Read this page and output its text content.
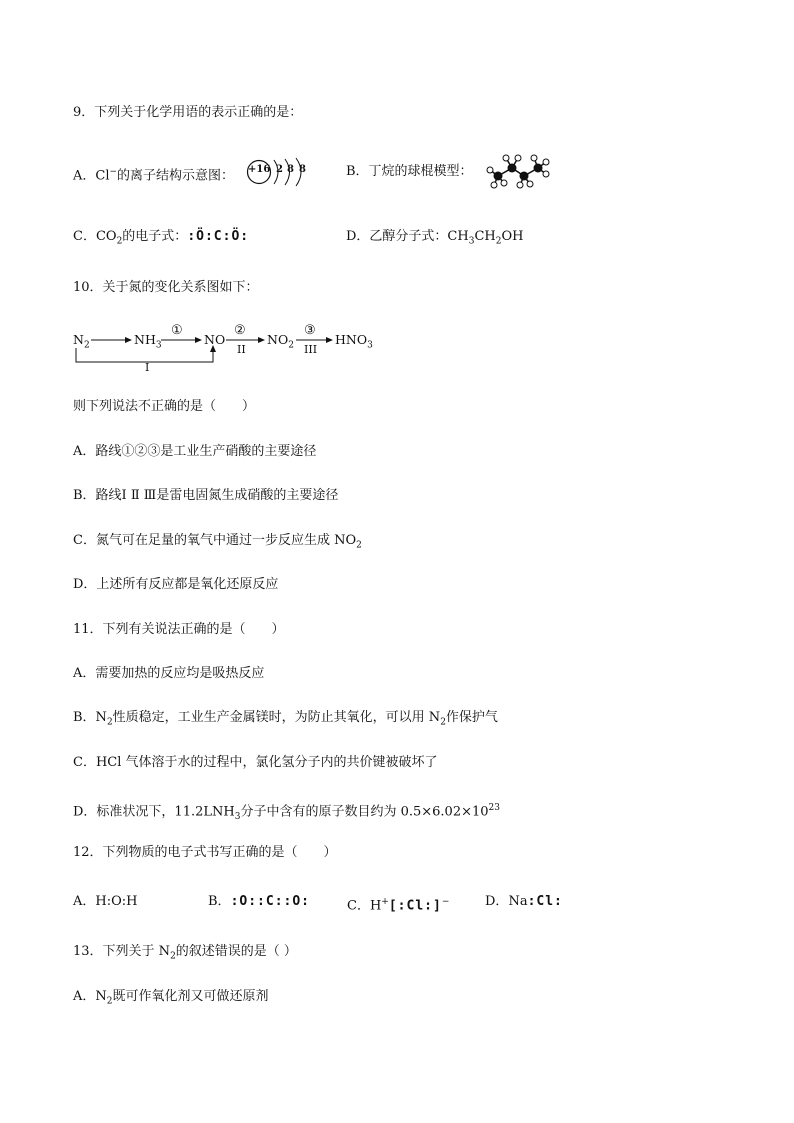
9．下列关于化学用语的表示正确的是：
A．Cl−的离子结构示意图： +16 2 8 8	B．丁烷的球棍模型：
C．$CO_2$的电子式：:Ö:C:Ö:	D．乙醇分子式：$CH_3CH_2OH$
10．关于氮的变化关系图如下：
$N_2$	$NH_3$	NO	$NO_2$	$HNO_3$
①	②	③
II	III
I
则下列说法不正确的是（　　）
A．路线①②③是工业生产硝酸的主要途径
B．路线Ⅰ Ⅱ Ⅲ是雷电固氮生成硝酸的主要途径
C．氮气可在足量的氧气中通过一步反应生成 $NO_2$
D．上述所有反应都是氧化还原反应
11．下列有关说法正确的是（　　）
A．需要加热的反应均是吸热反应
B．$N_2$性质稳定，工业生产金属镁时，为防止其氧化，可以用 $N_2$作保护气
C．HCl 气体溶于水的过程中，氯化氢分子内的共价键被破坏了
D．标准状况下，$11.2LNH_3$分子中含有的原子数目约为 $0.5\times 6.02\times 10^{23}$
12．下列物质的电子式书写正确的是（　　）
A．H:O:H	B．:O::C::O:	C．H+[:Cl:]−	D．Na:Cl:
13．下列关于 $N_2$的叙述错误的是（ ）
A．$N_2$既可作氧化剂又可做还原剂
